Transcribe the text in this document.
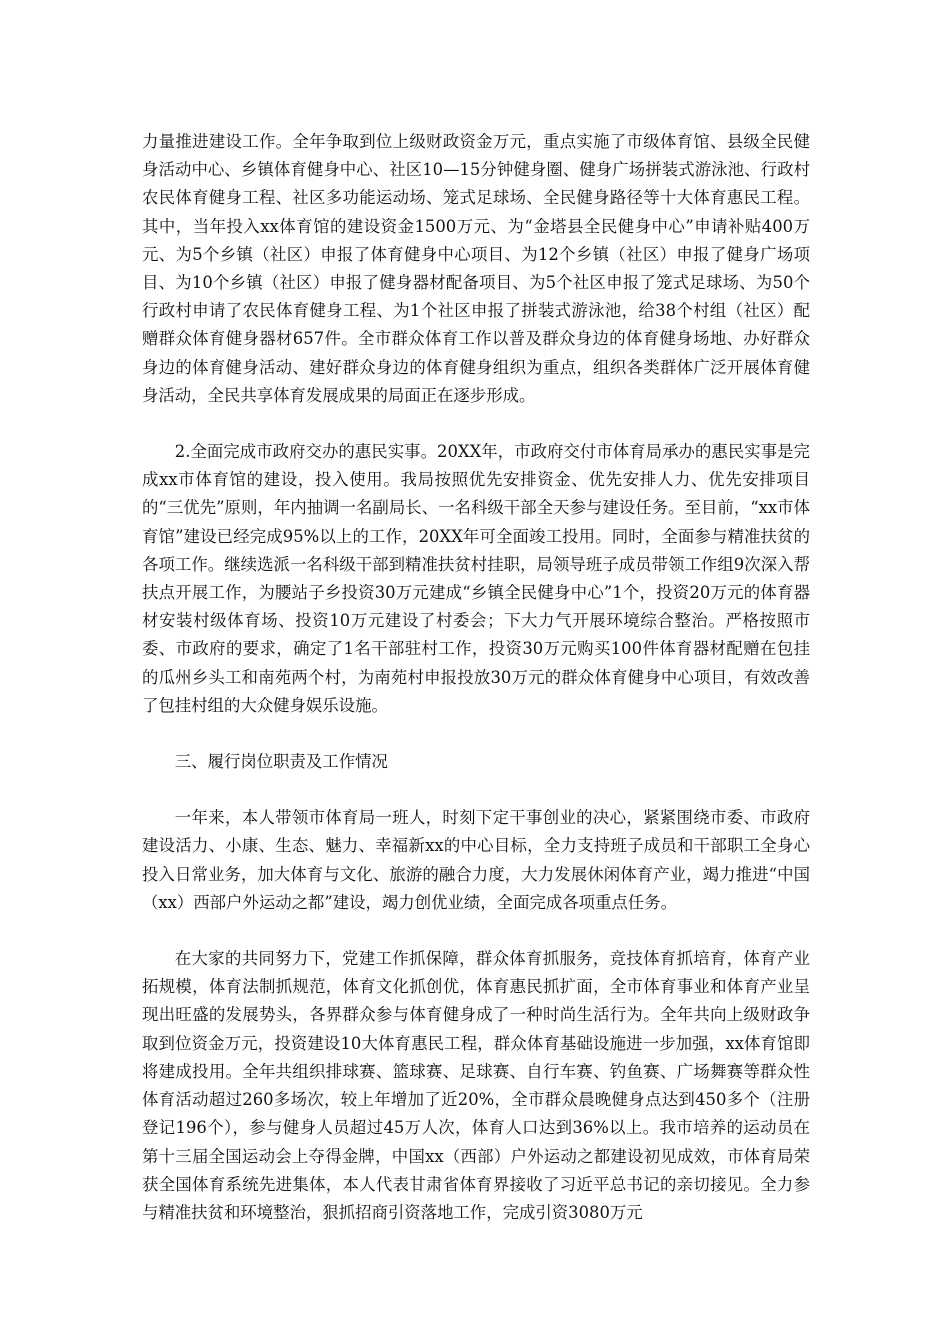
力量推进建设工作。全年争取到位上级财政资金万元，重点实施了市级体育馆、县级全民健身活动中心、乡镇体育健身中心、社区10—15分钟健身圈、健身广场拼装式游泳池、行政村农民体育健身工程、社区多功能运动场、笼式足球场、全民健身路径等十大体育惠民工程。其中，当年投入xx体育馆的建设资金1500万元、为“金塔县全民健身中心”申请补贴400万元、为5个乡镇（社区）申报了体育健身中心项目、为12个乡镇（社区）申报了健身广场项目、为10个乡镇（社区）申报了健身器材配备项目、为5个社区申报了笼式足球场、为50个行政村申请了农民体育健身工程、为1个社区申报了拼装式游泳池，给38个村组（社区）配赠群众体育健身器材657件。全市群众体育工作以普及群众身边的体育健身场地、办好群众身边的体育健身活动、建好群众身边的体育健身组织为重点，组织各类群体广泛开展体育健身活动，全民共享体育发展成果的局面正在逐步形成。

2.全面完成市政府交办的惠民实事。20XX年，市政府交付市体育局承办的惠民实事是完成xx市体育馆的建设，投入使用。我局按照优先安排资金、优先安排人力、优先安排项目的“三优先”原则，年内抽调一名副局长、一名科级干部全天参与建设任务。至目前，“xx市体育馆”建设已经完成95%以上的工作，20XX年可全面竣工投用。同时，全面参与精准扶贫的各项工作。继续选派一名科级干部到精准扶贫村挂职，局领导班子成员带领工作组9次深入帮扶点开展工作，为腰站子乡投资30万元建成“乡镇全民健身中心”1个，投资20万元的体育器材安装村级体育场、投资10万元建设了村委会；下大力气开展环境综合整治。严格按照市委、市政府的要求，确定了1名干部驻村工作，投资30万元购买100件体育器材配赠在包挂的瓜州乡头工和南苑两个村，为南苑村申报投放30万元的群众体育健身中心项目，有效改善了包挂村组的大众健身娱乐设施。

三、履行岗位职责及工作情况

一年来，本人带领市体育局一班人，时刻下定干事创业的决心，紧紧围绕市委、市政府建设活力、小康、生态、魅力、幸福新xx的中心目标，全力支持班子成员和干部职工全身心投入日常业务，加大体育与文化、旅游的融合力度，大力发展休闲体育产业，竭力推进“中国（xx）西部户外运动之都”建设，竭力创优业绩，全面完成各项重点任务。

在大家的共同努力下，党建工作抓保障，群众体育抓服务，竞技体育抓培育，体育产业拓规模，体育法制抓规范，体育文化抓创优，体育惠民抓扩面，全市体育事业和体育产业呈现出旺盛的发展势头，各界群众参与体育健身成了一种时尚生活行为。全年共向上级财政争取到位资金万元，投资建设10大体育惠民工程，群众体育基础设施进一步加强，xx体育馆即将建成投用。全年共组织排球赛、篮球赛、足球赛、自行车赛、钓鱼赛、广场舞赛等群众性体育活动超过260多场次，较上年增加了近20%，全市群众晨晚健身点达到450多个（注册登记196个），参与健身人员超过45万人次，体育人口达到36%以上。我市培养的运动员在第十三届全国运动会上夺得金牌，中国xx（西部）户外运动之都建设初见成效，市体育局荣获全国体育系统先进集体，本人代表甘肃省体育界接收了习近平总书记的亲切接见。全力参与精准扶贫和环境整治，狠抓招商引资落地工作，完成引资3080万元
